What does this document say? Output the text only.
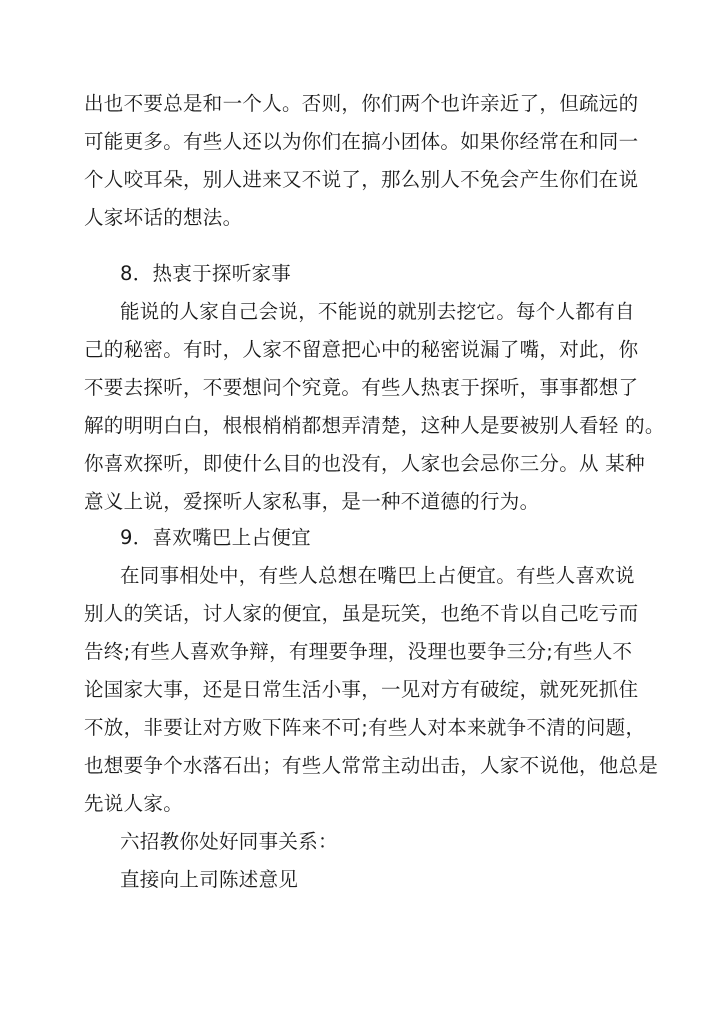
出也不要总是和一个人。否则，你们两个也许亲近了，但疏远的
可能更多。有些人还以为你们在搞小团体。如果你经常在和同一
个人咬耳朵，别人进来又不说了，那么别人不免会产生你们在说
人家坏话的想法。
8．热衷于探听家事
能说的人家自己会说，不能说的就别去挖它。每个人都有自
己的秘密。有时，人家不留意把心中的秘密说漏了嘴，对此，你
不要去探听，不要想问个究竟。有些人热衷于探听，事事都想了
解的明明白白，根根梢梢都想弄清楚，这种人是要被别人看轻 的。
你喜欢探听，即使什么目的也没有，人家也会忌你三分。从 某种
意义上说，爱探听人家私事，是一种不道德的行为。
9．喜欢嘴巴上占便宜
在同事相处中，有些人总想在嘴巴上占便宜。有些人喜欢说
别人的笑话，讨人家的便宜，虽是玩笑，也绝不肯以自己吃亏而
告终;有些人喜欢争辩，有理要争理，没理也要争三分;有些人不
论国家大事，还是日常生活小事，一见对方有破绽，就死死抓住
不放，非要让对方败下阵来不可;有些人对本来就争不清的问题，
也想要争个水落石出；有些人常常主动出击，人家不说他，他总是
先说人家。
六招教你处好同事关系：
直接向上司陈述意见
